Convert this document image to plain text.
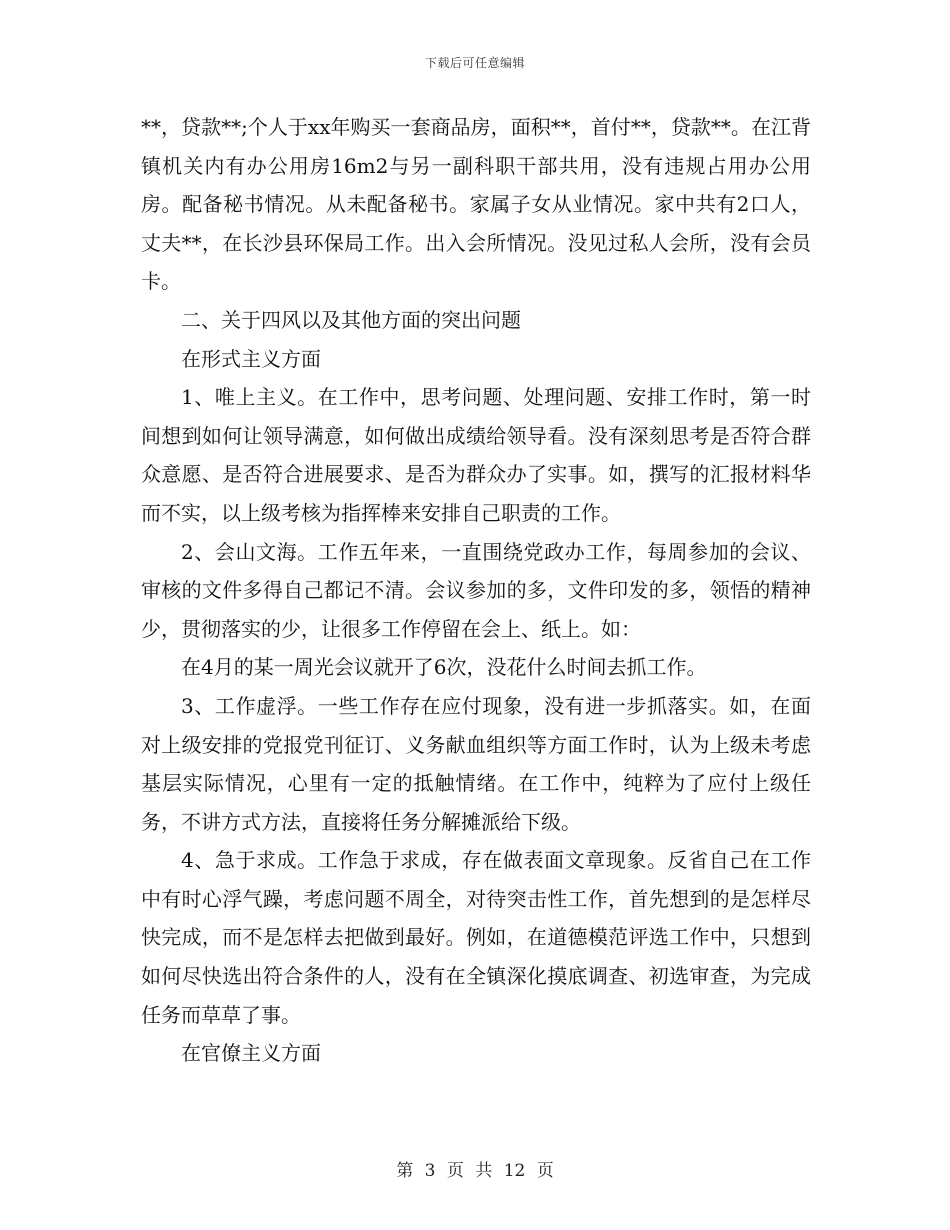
下载后可任意编辑

**，贷款**;个人于xx年购买一套商品房，面积**，首付**，贷款**。在江背镇机关内有办公用房16m2与另一副科职干部共用，没有违规占用办公用房。配备秘书情况。从未配备秘书。家属子女从业情况。家中共有2口人，丈夫**，在长沙县环保局工作。出入会所情况。没见过私人会所，没有会员卡。

二、关于四风以及其他方面的突出问题

在形式主义方面

1、唯上主义。在工作中，思考问题、处理问题、安排工作时，第一时间想到如何让领导满意，如何做出成绩给领导看。没有深刻思考是否符合群众意愿、是否符合进展要求、是否为群众办了实事。如，撰写的汇报材料华而不实，以上级考核为指挥棒来安排自己职责的工作。

2、会山文海。工作五年来，一直围绕党政办工作，每周参加的会议、审核的文件多得自己都记不清。会议参加的多，文件印发的多，领悟的精神少，贯彻落实的少，让很多工作停留在会上、纸上。如：

在4月的某一周光会议就开了6次，没花什么时间去抓工作。

3、工作虚浮。一些工作存在应付现象，没有进一步抓落实。如，在面对上级安排的党报党刊征订、义务献血组织等方面工作时，认为上级未考虑基层实际情况，心里有一定的抵触情绪。在工作中，纯粹为了应付上级任务，不讲方式方法，直接将任务分解摊派给下级。

4、急于求成。工作急于求成，存在做表面文章现象。反省自己在工作中有时心浮气躁，考虑问题不周全，对待突击性工作，首先想到的是怎样尽快完成，而不是怎样去把做到最好。例如，在道德模范评选工作中，只想到如何尽快选出符合条件的人，没有在全镇深化摸底调查、初选审查，为完成任务而草草了事。

在官僚主义方面

第 3 页 共 12 页
